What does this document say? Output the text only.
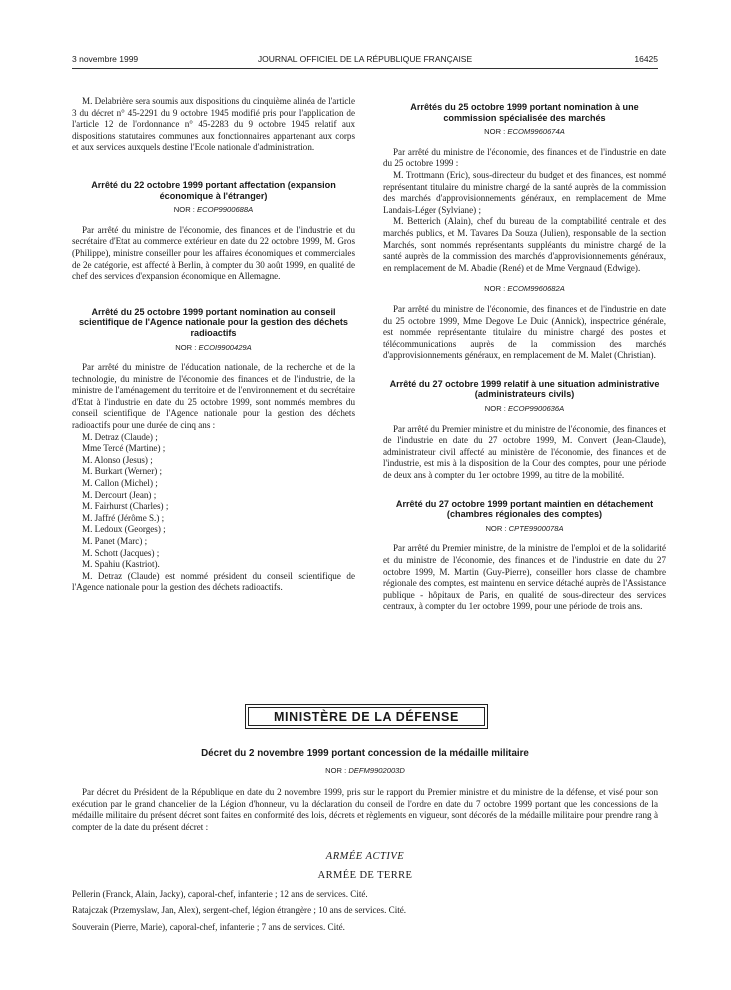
3 novembre 1999	JOURNAL OFFICIEL DE LA RÉPUBLIQUE FRANÇAISE	16425

M. Delabrière sera soumis aux dispositions du cinquième alinéa de l'article 3 du décret n° 45-2291 du 9 octobre 1945 modifié pris pour l'application de l'article 12 de l'ordonnance n° 45-2283 du 9 octobre 1945 relatif aux dispositions statutaires communes aux fonctionnaires appartenant aux corps et aux services auxquels destine l'Ecole nationale d'administration.

Arrêté du 22 octobre 1999 portant affectation (expansion économique à l'étranger)
NOR : ECOP9900688A

Par arrêté du ministre de l'économie, des finances et de l'industrie et du secrétaire d'Etat au commerce extérieur en date du 22 octobre 1999, M. Gros (Philippe), ministre conseiller pour les affaires économiques et commerciales de 2e catégorie, est affecté à Berlin, à compter du 30 août 1999, en qualité de chef des services d'expansion économique en Allemagne.

Arrêté du 25 octobre 1999 portant nomination au conseil scientifique de l'Agence nationale pour la gestion des déchets radioactifs
NOR : ECOI9900429A

Par arrêté du ministre de l'éducation nationale, de la recherche et de la technologie, du ministre de l'économie des finances et de l'industrie, de la ministre de l'aménagement du territoire et de l'environnement et du secrétaire d'Etat à l'industrie en date du 25 octobre 1999, sont nommés membres du conseil scientifique de l'Agence nationale pour la gestion des déchets radioactifs pour une durée de cinq ans :

M. Detraz (Claude) ;
Mme Tercé (Martine) ;
M. Alonso (Jesus) ;
M. Burkart (Werner) ;
M. Callon (Michel) ;
M. Dercourt (Jean) ;
M. Fairhurst (Charles) ;
M. Jaffré (Jérôme S.) ;
M. Ledoux (Georges) ;
M. Panet (Marc) ;
M. Schott (Jacques) ;
M. Spahiu (Kastriot).

M. Detraz (Claude) est nommé président du conseil scientifique de l'Agence nationale pour la gestion des déchets radioactifs.

Arrêtés du 25 octobre 1999 portant nomination à une commission spécialisée des marchés
NOR : ECOM9960674A

Par arrêté du ministre de l'économie, des finances et de l'industrie en date du 25 octobre 1999 :

M. Trottmann (Eric), sous-directeur du budget et des finances, est nommé représentant titulaire du ministre chargé de la santé auprès de la commission des marchés d'approvisionnements généraux, en remplacement de Mme Landais-Léger (Sylviane) ;

M. Betterich (Alain), chef du bureau de la comptabilité centrale et des marchés publics, et M. Tavares Da Souza (Julien), responsable de la section Marchés, sont nommés représentants suppléants du ministre chargé de la santé auprès de la commission des marchés d'approvisionnements généraux, en remplacement de M. Abadie (René) et de Mme Vergnaud (Edwige).

NOR : ECOM9960682A

Par arrêté du ministre de l'économie, des finances et de l'industrie en date du 25 octobre 1999, Mme Degove Le Duic (Annick), inspectrice générale, est nommée représentante titulaire du ministre chargé des postes et télécommunications auprès de la commission des marchés d'approvisionnements généraux, en remplacement de M. Malet (Christian).

Arrêté du 27 octobre 1999 relatif à une situation administrative (administrateurs civils)
NOR : ECOP9900636A

Par arrêté du Premier ministre et du ministre de l'économie, des finances et de l'industrie en date du 27 octobre 1999, M. Convert (Jean-Claude), administrateur civil affecté au ministère de l'économie, des finances et de l'industrie, est mis à la disposition de la Cour des comptes, pour une période de deux ans à compter du 1er octobre 1999, au titre de la mobilité.

Arrêté du 27 octobre 1999 portant maintien en détachement (chambres régionales des comptes)
NOR : CPTE9900078A

Par arrêté du Premier ministre, de la ministre de l'emploi et de la solidarité et du ministre de l'économie, des finances et de l'industrie en date du 27 octobre 1999, M. Martin (Guy-Pierre), conseiller hors classe de chambre régionale des comptes, est maintenu en service détaché auprès de l'Assistance publique - hôpitaux de Paris, en qualité de sous-directeur des services centraux, à compter du 1er octobre 1999, pour une période de trois ans.

MINISTÈRE DE LA DÉFENSE
Décret du 2 novembre 1999 portant concession de la médaille militaire
NOR : DEFM9902003D

Par décret du Président de la République en date du 2 novembre 1999, pris sur le rapport du Premier ministre et du ministre de la défense, et visé pour son exécution par le grand chancelier de la Légion d'honneur, vu la déclaration du conseil de l'ordre en date du 7 octobre 1999 portant que les concessions de la médaille militaire du présent décret sont faites en conformité des lois, décrets et règlements en vigueur, sont décorés de la médaille militaire pour prendre rang à compter de la date du présent décret :

ARMÉE ACTIVE

ARMÉE DE TERRE

Pellerin (Franck, Alain, Jacky), caporal-chef, infanterie ; 12 ans de services. Cité.

Ratajczak (Przemyslaw, Jan, Alex), sergent-chef, légion étrangère ; 10 ans de services. Cité.

Souverain (Pierre, Marie), caporal-chef, infanterie ; 7 ans de services. Cité.
